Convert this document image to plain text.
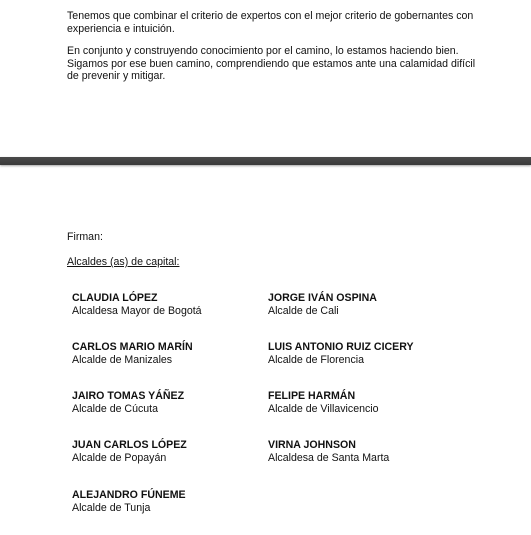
Tenemos que combinar el criterio de expertos con el mejor criterio de gobernantes con experiencia e intuición.

En conjunto y construyendo conocimiento por el camino, lo estamos haciendo bien. Sigamos por ese buen camino, comprendiendo que estamos ante una calamidad difícil de prevenir y mitigar.

Firman:
Alcaldes (as) de capital:
CLAUDIA LÓPEZ
Alcaldesa Mayor de Bogotá
JORGE IVÁN OSPINA
Alcalde de Cali
CARLOS MARIO MARÍN
Alcalde de Manizales
LUIS ANTONIO RUIZ CICERY
Alcalde de Florencia
JAIRO TOMAS YÁÑEZ
Alcalde de Cúcuta
FELIPE HARMÁN
Alcalde de Villavicencio
JUAN CARLOS LÓPEZ
Alcalde de Popayán
VIRNA JOHNSON
Alcaldesa de Santa Marta
ALEJANDRO FÚNEME
Alcalde de Tunja
